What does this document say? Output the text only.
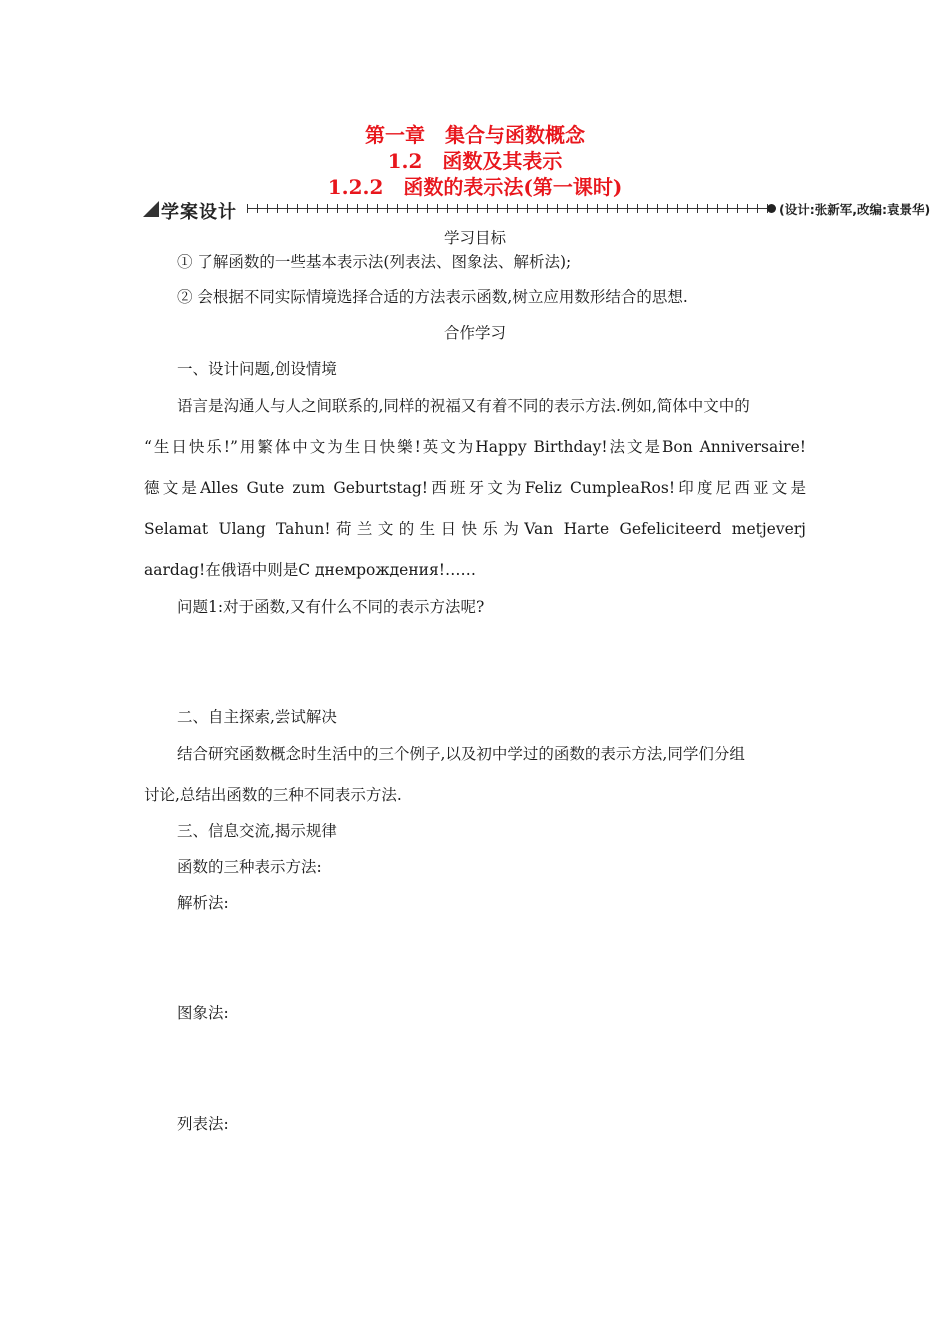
第一章　集合与函数概念
1.2　函数及其表示
1.2.2　函数的表示法(第一课时)
学案设计	(设计:张新军,改编:袁景华)
学习目标
① 了解函数的一些基本表示法(列表法、图象法、解析法);
② 会根据不同实际情境选择合适的方法表示函数,树立应用数形结合的思想.
合作学习
一、设计问题,创设情境
语言是沟通人与人之间联系的,同样的祝福又有着不同的表示方法.例如,简体中文中的
“生日快乐!”用繁体中文为生日快樂!英文为Happy Birthday!法文是Bon Anniversaire!
德文是Alles Gute zum Geburtstag!西班牙文为Feliz CumpleaRos!印度尼西亚文是
Selamat Ulang Tahun!荷兰文的生日快乐为Van Harte Gefeliciteerd metjeverj
aardag!在俄语中则是С днемрождения!……
问题1:对于函数,又有什么不同的表示方法呢?
二、自主探索,尝试解决
结合研究函数概念时生活中的三个例子,以及初中学过的函数的表示方法,同学们分组
讨论,总结出函数的三种不同表示方法.
三、信息交流,揭示规律
函数的三种表示方法:
解析法:
图象法:
列表法:
